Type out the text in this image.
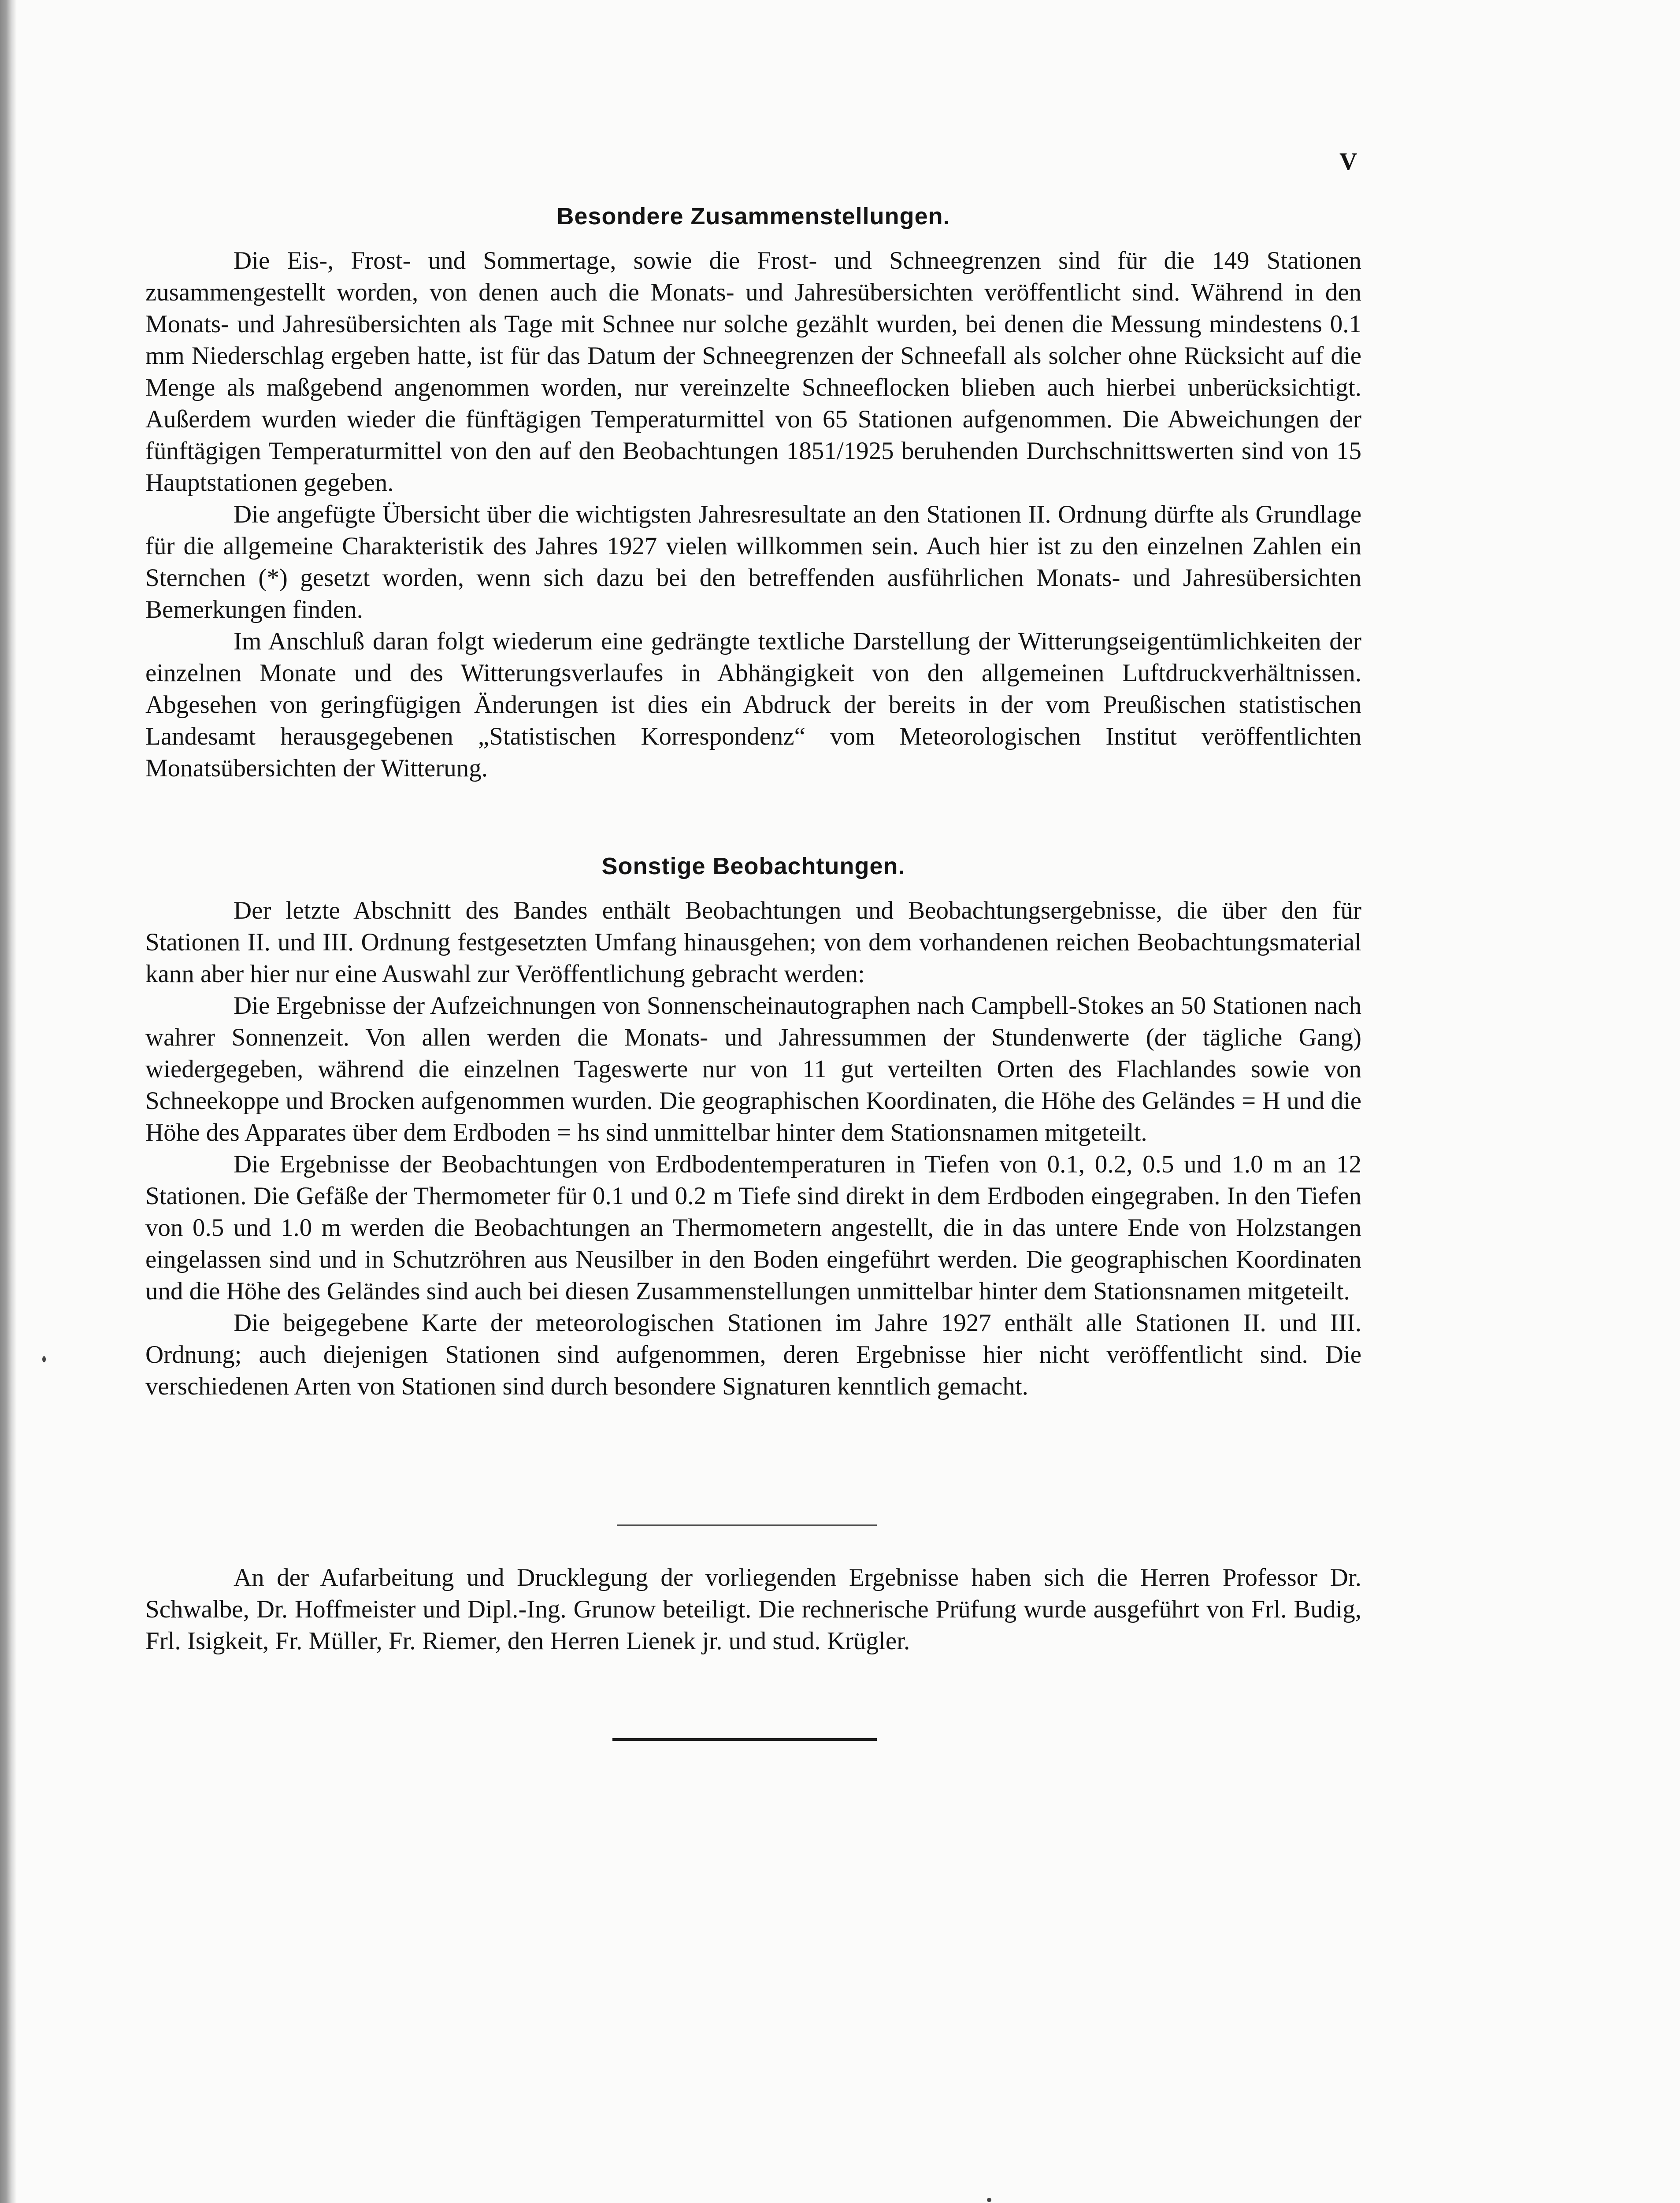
V
Besondere Zusammenstellungen.

Die Eis-, Frost- und Sommertage, sowie die Frost- und Schneegrenzen sind für die 149 Stationen zusammengestellt worden, von denen auch die Monats- und Jahresübersichten veröffentlicht sind. Während in den Monats- und Jahresübersichten als Tage mit Schnee nur solche gezählt wurden, bei denen die Messung mindestens 0.1 mm Niederschlag ergeben hatte, ist für das Datum der Schneegrenzen der Schneefall als solcher ohne Rücksicht auf die Menge als maßgebend angenommen worden, nur vereinzelte Schneeflocken blieben auch hierbei unberücksichtigt. Außerdem wurden wieder die fünftägigen Temperaturmittel von 65 Stationen aufgenommen. Die Abweichungen der fünftägigen Temperaturmittel von den auf den Beobachtungen 1851/1925 beruhenden Durchschnittswerten sind von 15 Hauptstationen gegeben.

Die angefügte Übersicht über die wichtigsten Jahresresultate an den Stationen II. Ordnung dürfte als Grundlage für die allgemeine Charakteristik des Jahres 1927 vielen willkommen sein. Auch hier ist zu den einzelnen Zahlen ein Sternchen (*) gesetzt worden, wenn sich dazu bei den betreffenden ausführlichen Monats- und Jahresübersichten Bemerkungen finden.

Im Anschluß daran folgt wiederum eine gedrängte textliche Darstellung der Witterungseigentümlichkeiten der einzelnen Monate und des Witterungsverlaufes in Abhängigkeit von den allgemeinen Luftdruckverhältnissen. Abgesehen von geringfügigen Änderungen ist dies ein Abdruck der bereits in der vom Preußischen statistischen Landesamt herausgegebenen „Statistischen Korrespondenz“ vom Meteorologischen Institut veröffentlichten Monatsübersichten der Witterung.

Sonstige Beobachtungen.

Der letzte Abschnitt des Bandes enthält Beobachtungen und Beobachtungsergebnisse, die über den für Stationen II. und III. Ordnung festgesetzten Umfang hinausgehen; von dem vorhandenen reichen Beobachtungsmaterial kann aber hier nur eine Auswahl zur Veröffentlichung gebracht werden:

Die Ergebnisse der Aufzeichnungen von Sonnenscheinautographen nach Campbell-Stokes an 50 Stationen nach wahrer Sonnenzeit. Von allen werden die Monats- und Jahressummen der Stundenwerte (der tägliche Gang) wiedergegeben, während die einzelnen Tageswerte nur von 11 gut verteilten Orten des Flachlandes sowie von Schneekoppe und Brocken aufgenommen wurden. Die geographischen Koordinaten, die Höhe des Geländes = H und die Höhe des Apparates über dem Erdboden = hs sind unmittelbar hinter dem Stationsnamen mitgeteilt.

Die Ergebnisse der Beobachtungen von Erdbodentemperaturen in Tiefen von 0.1, 0.2, 0.5 und 1.0 m an 12 Stationen. Die Gefäße der Thermometer für 0.1 und 0.2 m Tiefe sind direkt in dem Erdboden eingegraben. In den Tiefen von 0.5 und 1.0 m werden die Beobachtungen an Thermometern angestellt, die in das untere Ende von Holzstangen eingelassen sind und in Schutzröhren aus Neusilber in den Boden eingeführt werden. Die geographischen Koordinaten und die Höhe des Geländes sind auch bei diesen Zusammenstellungen unmittelbar hinter dem Stationsnamen mitgeteilt.

Die beigegebene Karte der meteorologischen Stationen im Jahre 1927 enthält alle Stationen II. und III. Ordnung; auch diejenigen Stationen sind aufgenommen, deren Ergebnisse hier nicht veröffentlicht sind. Die verschiedenen Arten von Stationen sind durch besondere Signaturen kenntlich gemacht.

An der Aufarbeitung und Drucklegung der vorliegenden Ergebnisse haben sich die Herren Professor Dr. Schwalbe, Dr. Hoffmeister und Dipl.-Ing. Grunow beteiligt. Die rechnerische Prüfung wurde ausgeführt von Frl. Budig, Frl. Isigkeit, Fr. Müller, Fr. Riemer, den Herren Lienek jr. und stud. Krügler.
